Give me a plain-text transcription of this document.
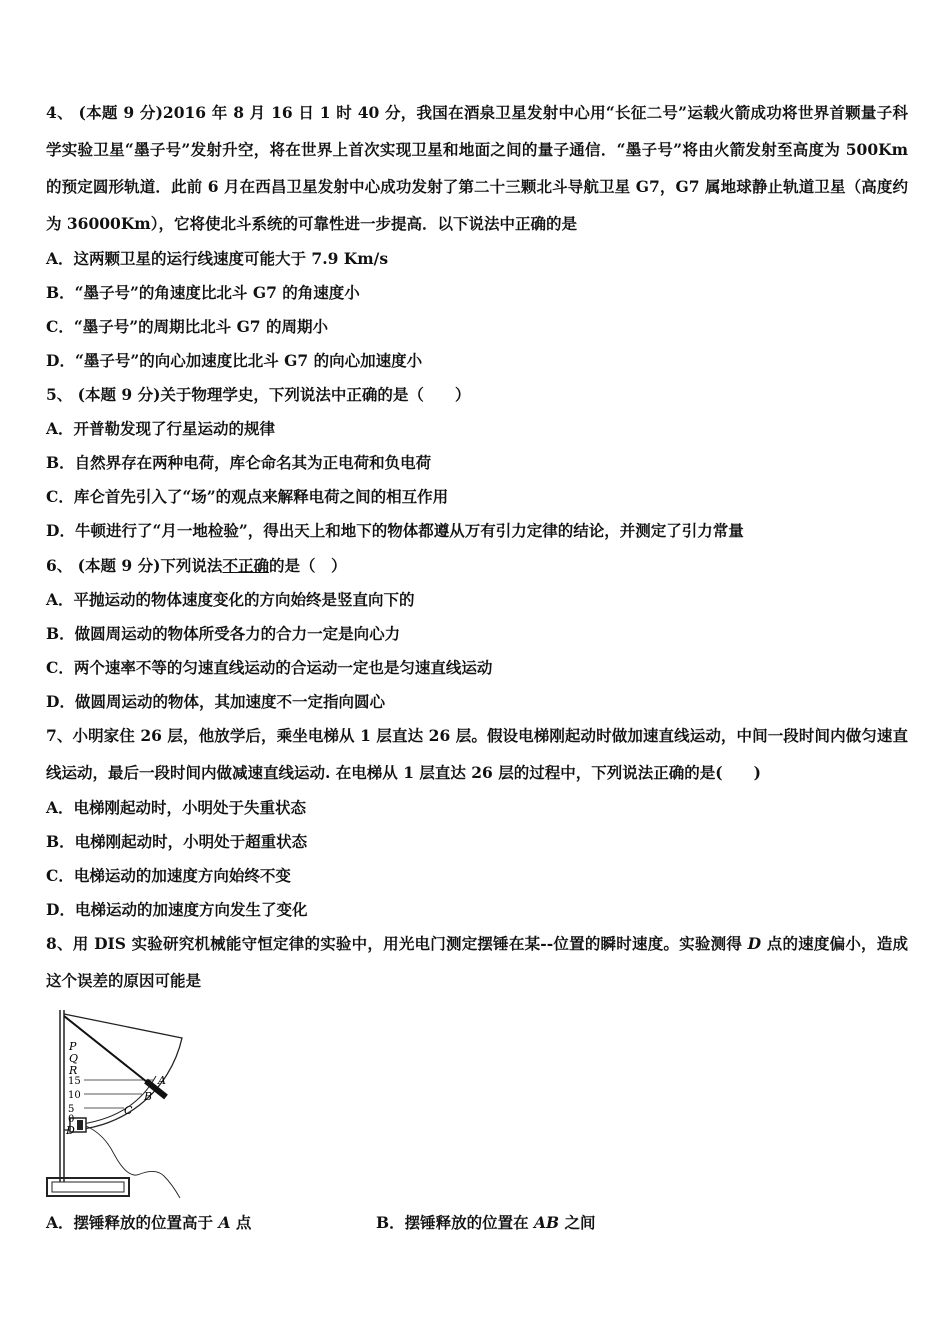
4、 (本题 9 分)2016 年 8 月 16 日 1 时 40 分，我国在酒泉卫星发射中心用“长征二号”运载火箭成功将世界首颗量子科学实验卫星“墨子号”发射升空，将在世界上首次实现卫星和地面之间的量子通信．“墨子号”将由火箭发射至高度为 500Km 的预定圆形轨道．此前 6 月在西昌卫星发射中心成功发射了第二十三颗北斗导航卫星 G7，G7 属地球静止轨道卫星（高度约为 36000Km），它将使北斗系统的可靠性进一步提高．以下说法中正确的是
A．这两颗卫星的运行线速度可能大于 7.9 Km/s
B．“墨子号”的角速度比北斗 G7 的角速度小
C．“墨子号”的周期比北斗 G7 的周期小
D．“墨子号”的向心加速度比北斗 G7 的向心加速度小
5、 (本题 9 分)关于物理学史，下列说法中正确的是（　　）
A．开普勒发现了行星运动的规律
B．自然界存在两种电荷，库仑命名其为正电荷和负电荷
C．库仑首先引入了“场”的观点来解释电荷之间的相互作用
D．牛顿进行了“月一地检验”，得出天上和地下的物体都遵从万有引力定律的结论，并测定了引力常量
6、 (本题 9 分)下列说法不正确的是（　）
A．平抛运动的物体速度变化的方向始终是竖直向下的
B．做圆周运动的物体所受各力的合力一定是向心力
C．两个速率不等的匀速直线运动的合运动一定也是匀速直线运动
D．做圆周运动的物体，其加速度不一定指向圆心
7、小明家住 26 层，他放学后，乘坐电梯从 1 层直达 26 层。假设电梯刚起动时做加速直线运动，中间一段时间内做匀速直线运动，最后一段时间内做减速直线运动. 在电梯从 1 层直达 26 层的过程中，下列说法正确的是(　　)
A．电梯刚起动时，小明处于失重状态
B．电梯刚起动时，小明处于超重状态
C．电梯运动的加速度方向始终不变
D．电梯运动的加速度方向发生了变化
8、用 DIS 实验研究机械能守恒定律的实验中，用光电门测定摆锤在某--位置的瞬时速度。实验测得 D 点的速度偏小，造成这个误差的原因可能是
P
Q
R
15
10
5
0
A
B
C
D
A．摆锤释放的位置高于 A 点	B．摆锤释放的位置在 AB 之间
